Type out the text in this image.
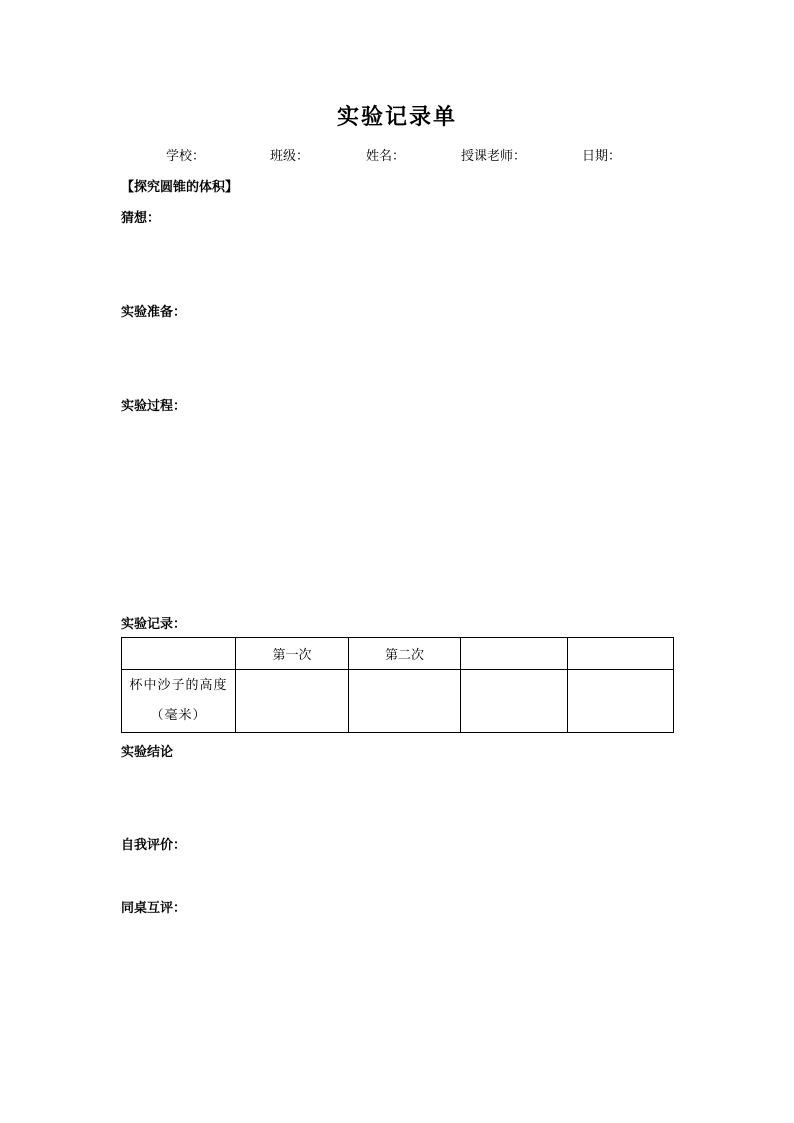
实验记录单
学校：	班级：	姓名：	授课老师：	日期：
【探究圆锥的体积】
猜想：
实验准备：
实验过程：
实验记录：
	第一次	第二次		

杯中沙子的高度（毫米）				

实验结论
自我评价：
同桌互评：
